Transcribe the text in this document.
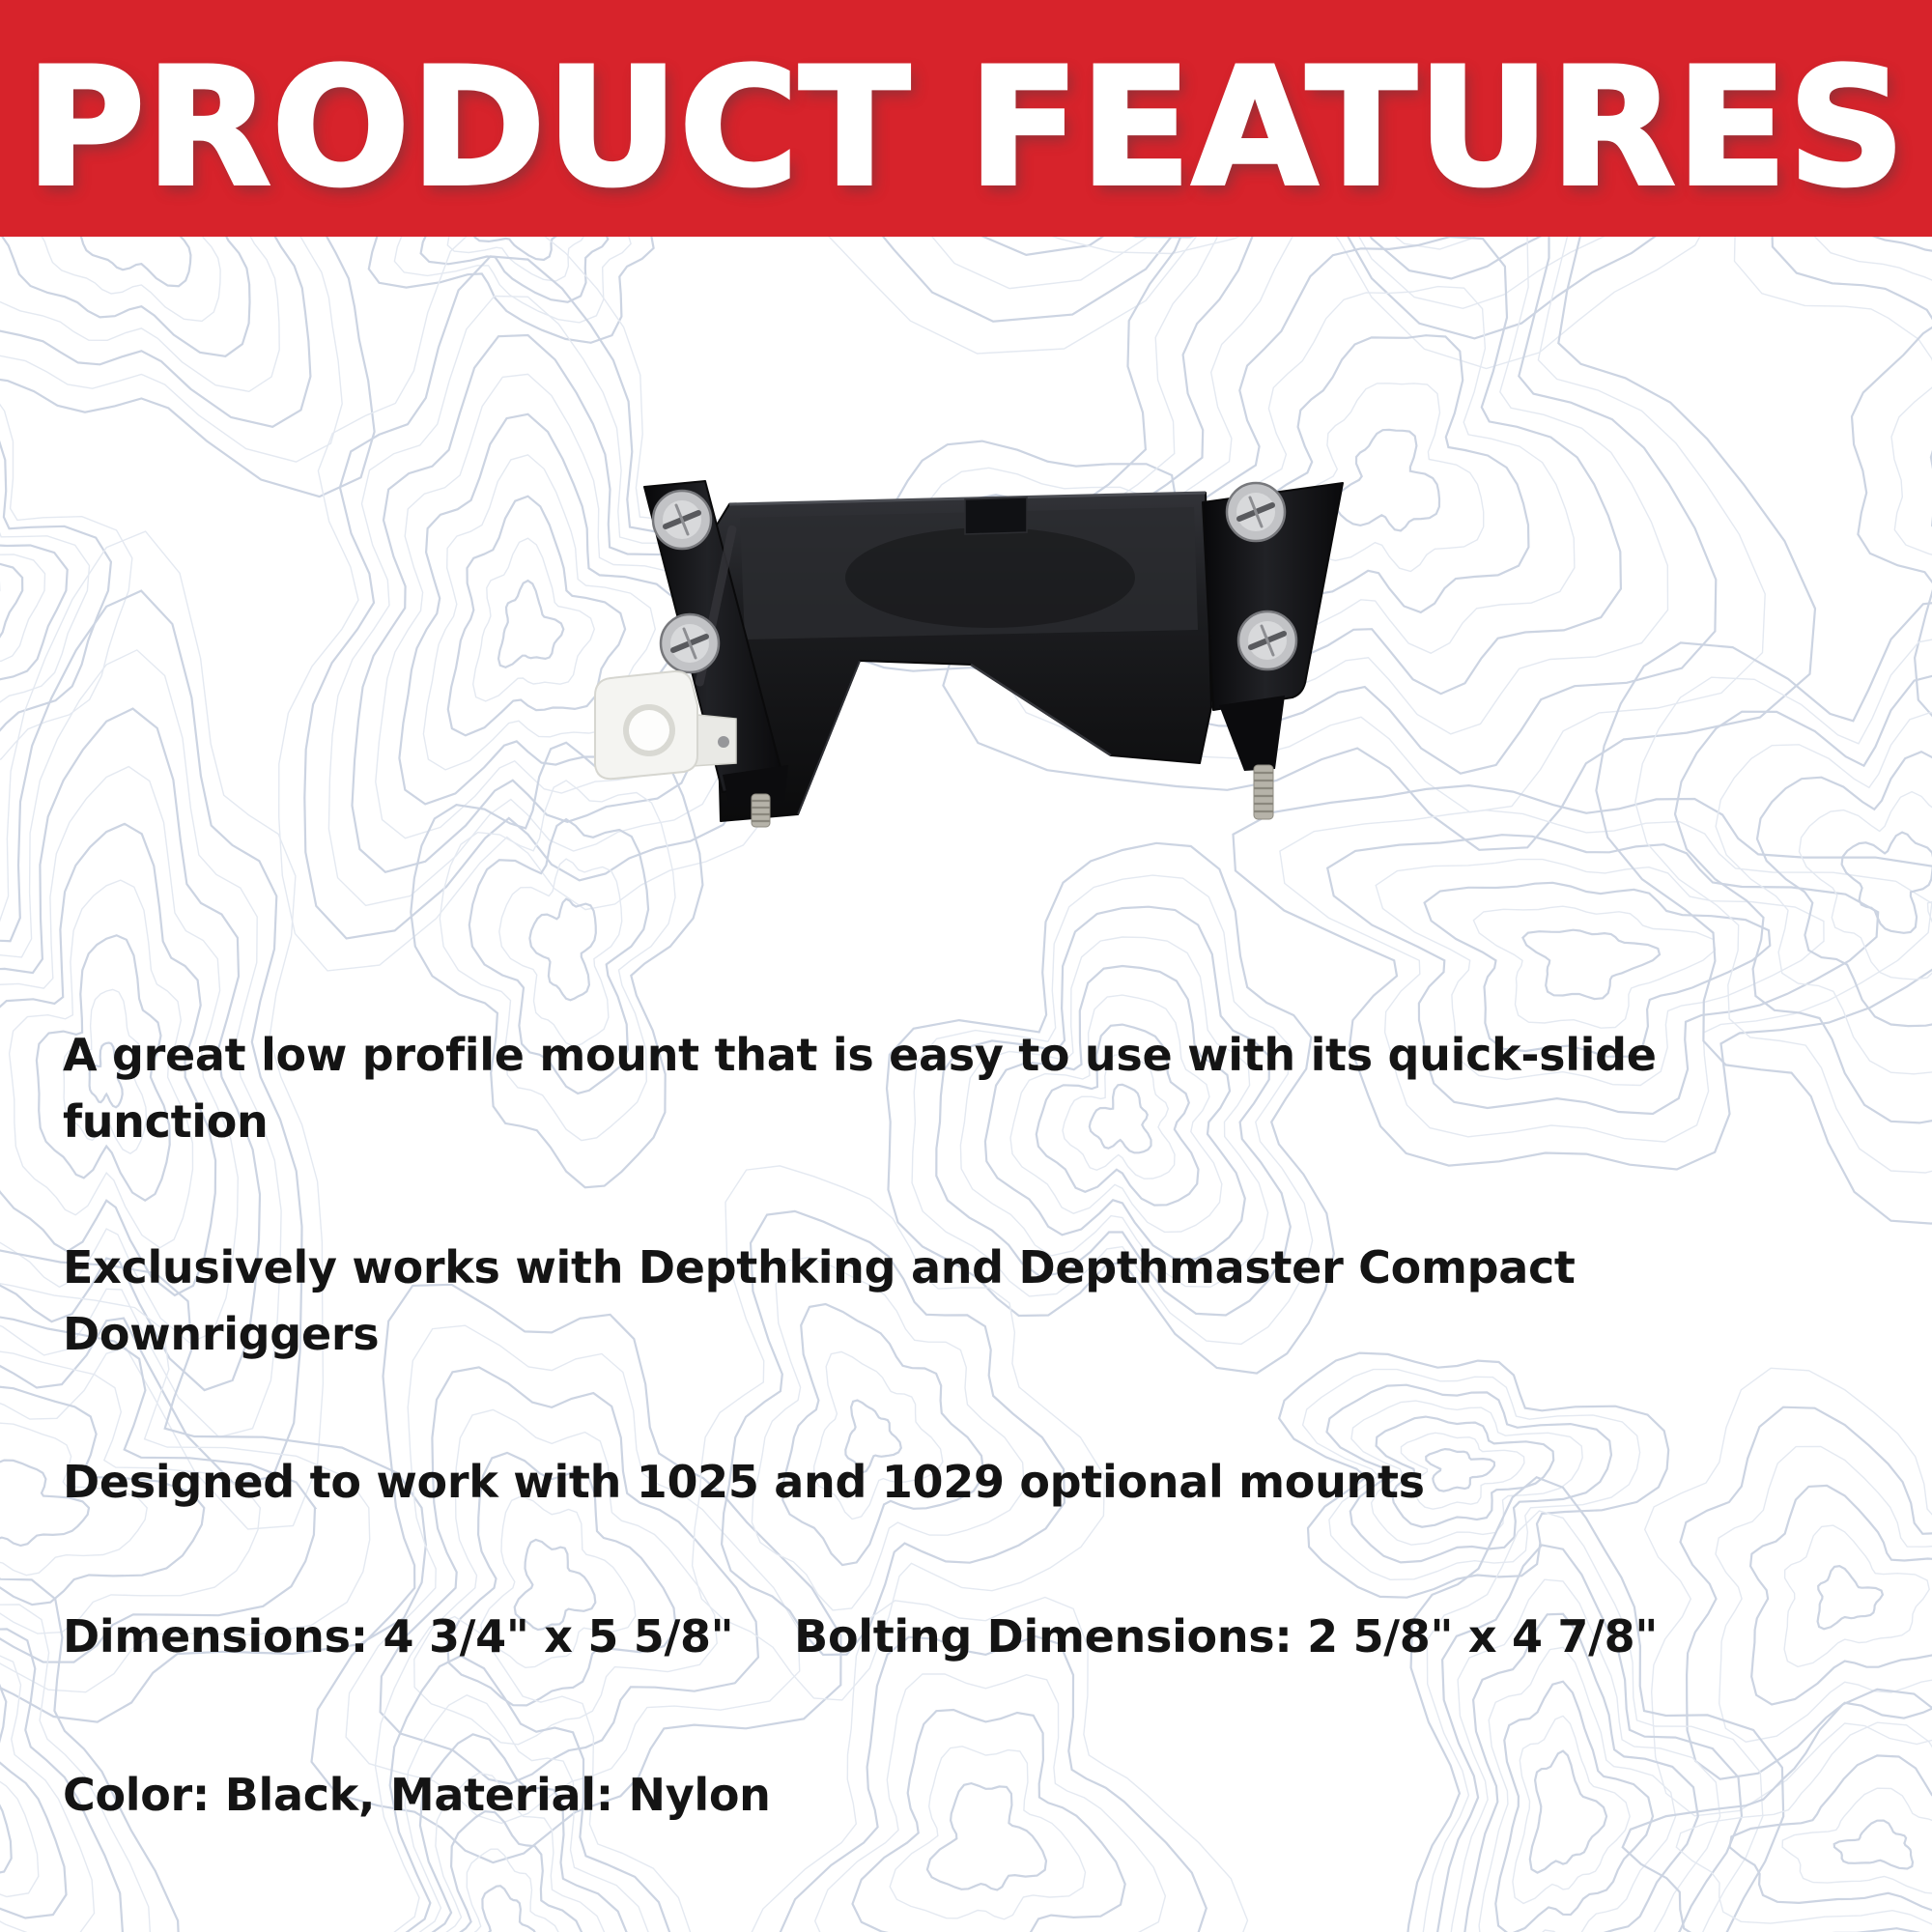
PRODUCT FEATURES

A great low profile mount that is easy to use with its quick-slide
function

Exclusively works with Depthking and Depthmaster Compact
Downriggers

Designed to work with 1025 and 1029 optional mounts

Dimensions: 4 3/4" x 5 5/8"    Bolting Dimensions: 2 5/8" x 4 7/8"

Color: Black, Material: Nylon
